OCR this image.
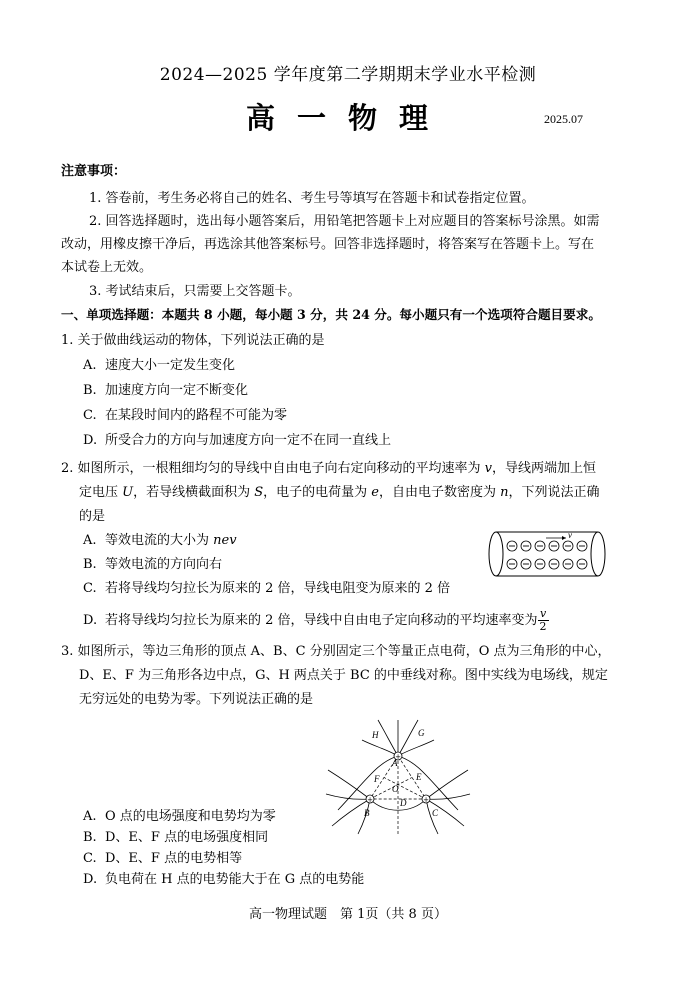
2024—2025 学年度第二学期期末学业水平检测
高一物理	2025.07
注意事项：
1. 答卷前，考生务必将自己的姓名、考生号等填写在答题卡和试卷指定位置。
2. 回答选择题时，选出每小题答案后，用铅笔把答题卡上对应题目的答案标号涂黑。如需
改动，用橡皮擦干净后，再选涂其他答案标号。回答非选择题时，将答案写在答题卡上。写在
本试卷上无效。
3. 考试结束后，只需要上交答题卡。
一、单项选择题：本题共 8 小题，每小题 3 分，共 24 分。每小题只有一个选项符合题目要求。
1. 关于做曲线运动的物体，下列说法正确的是
A. 速度大小一定发生变化
B. 加速度方向一定不断变化
C. 在某段时间内的路程不可能为零
D. 所受合力的方向与加速度方向一定不在同一直线上
2. 如图所示，一根粗细均匀的导线中自由电子向右定向移动的平均速率为 v，导线两端加上恒
定电压 U，若导线横截面积为 S，电子的电荷量为 e，自由电子数密度为 n，下列说法正确
的是
A. 等效电流的大小为 nev
B. 等效电流的方向向右
C. 若将导线均匀拉长为原来的 2 倍，导线电阻变为原来的 2 倍
D. 若将导线均匀拉长为原来的 2 倍，导线中自由电子定向移动的平均速率变为 $\frac{v}{2}$
v
3. 如图所示，等边三角形的顶点 A、B、C 分别固定三个等量正点电荷，O 点为三角形的中心，
D、E、F 为三角形各边中点，G、H 两点关于 BC 的中垂线对称。图中实线为电场线，规定
无穷远处的电势为零。下列说法正确的是
+
+	+
H	G
A
F	E
O
D
B	C
A. O 点的电场强度和电势均为零
B. D、E、F 点的电场强度相同
C. D、E、F 点的电势相等
D. 负电荷在 H 点的电势能大于在 G 点的电势能
高一物理试题　第 1页（共 8 页）
